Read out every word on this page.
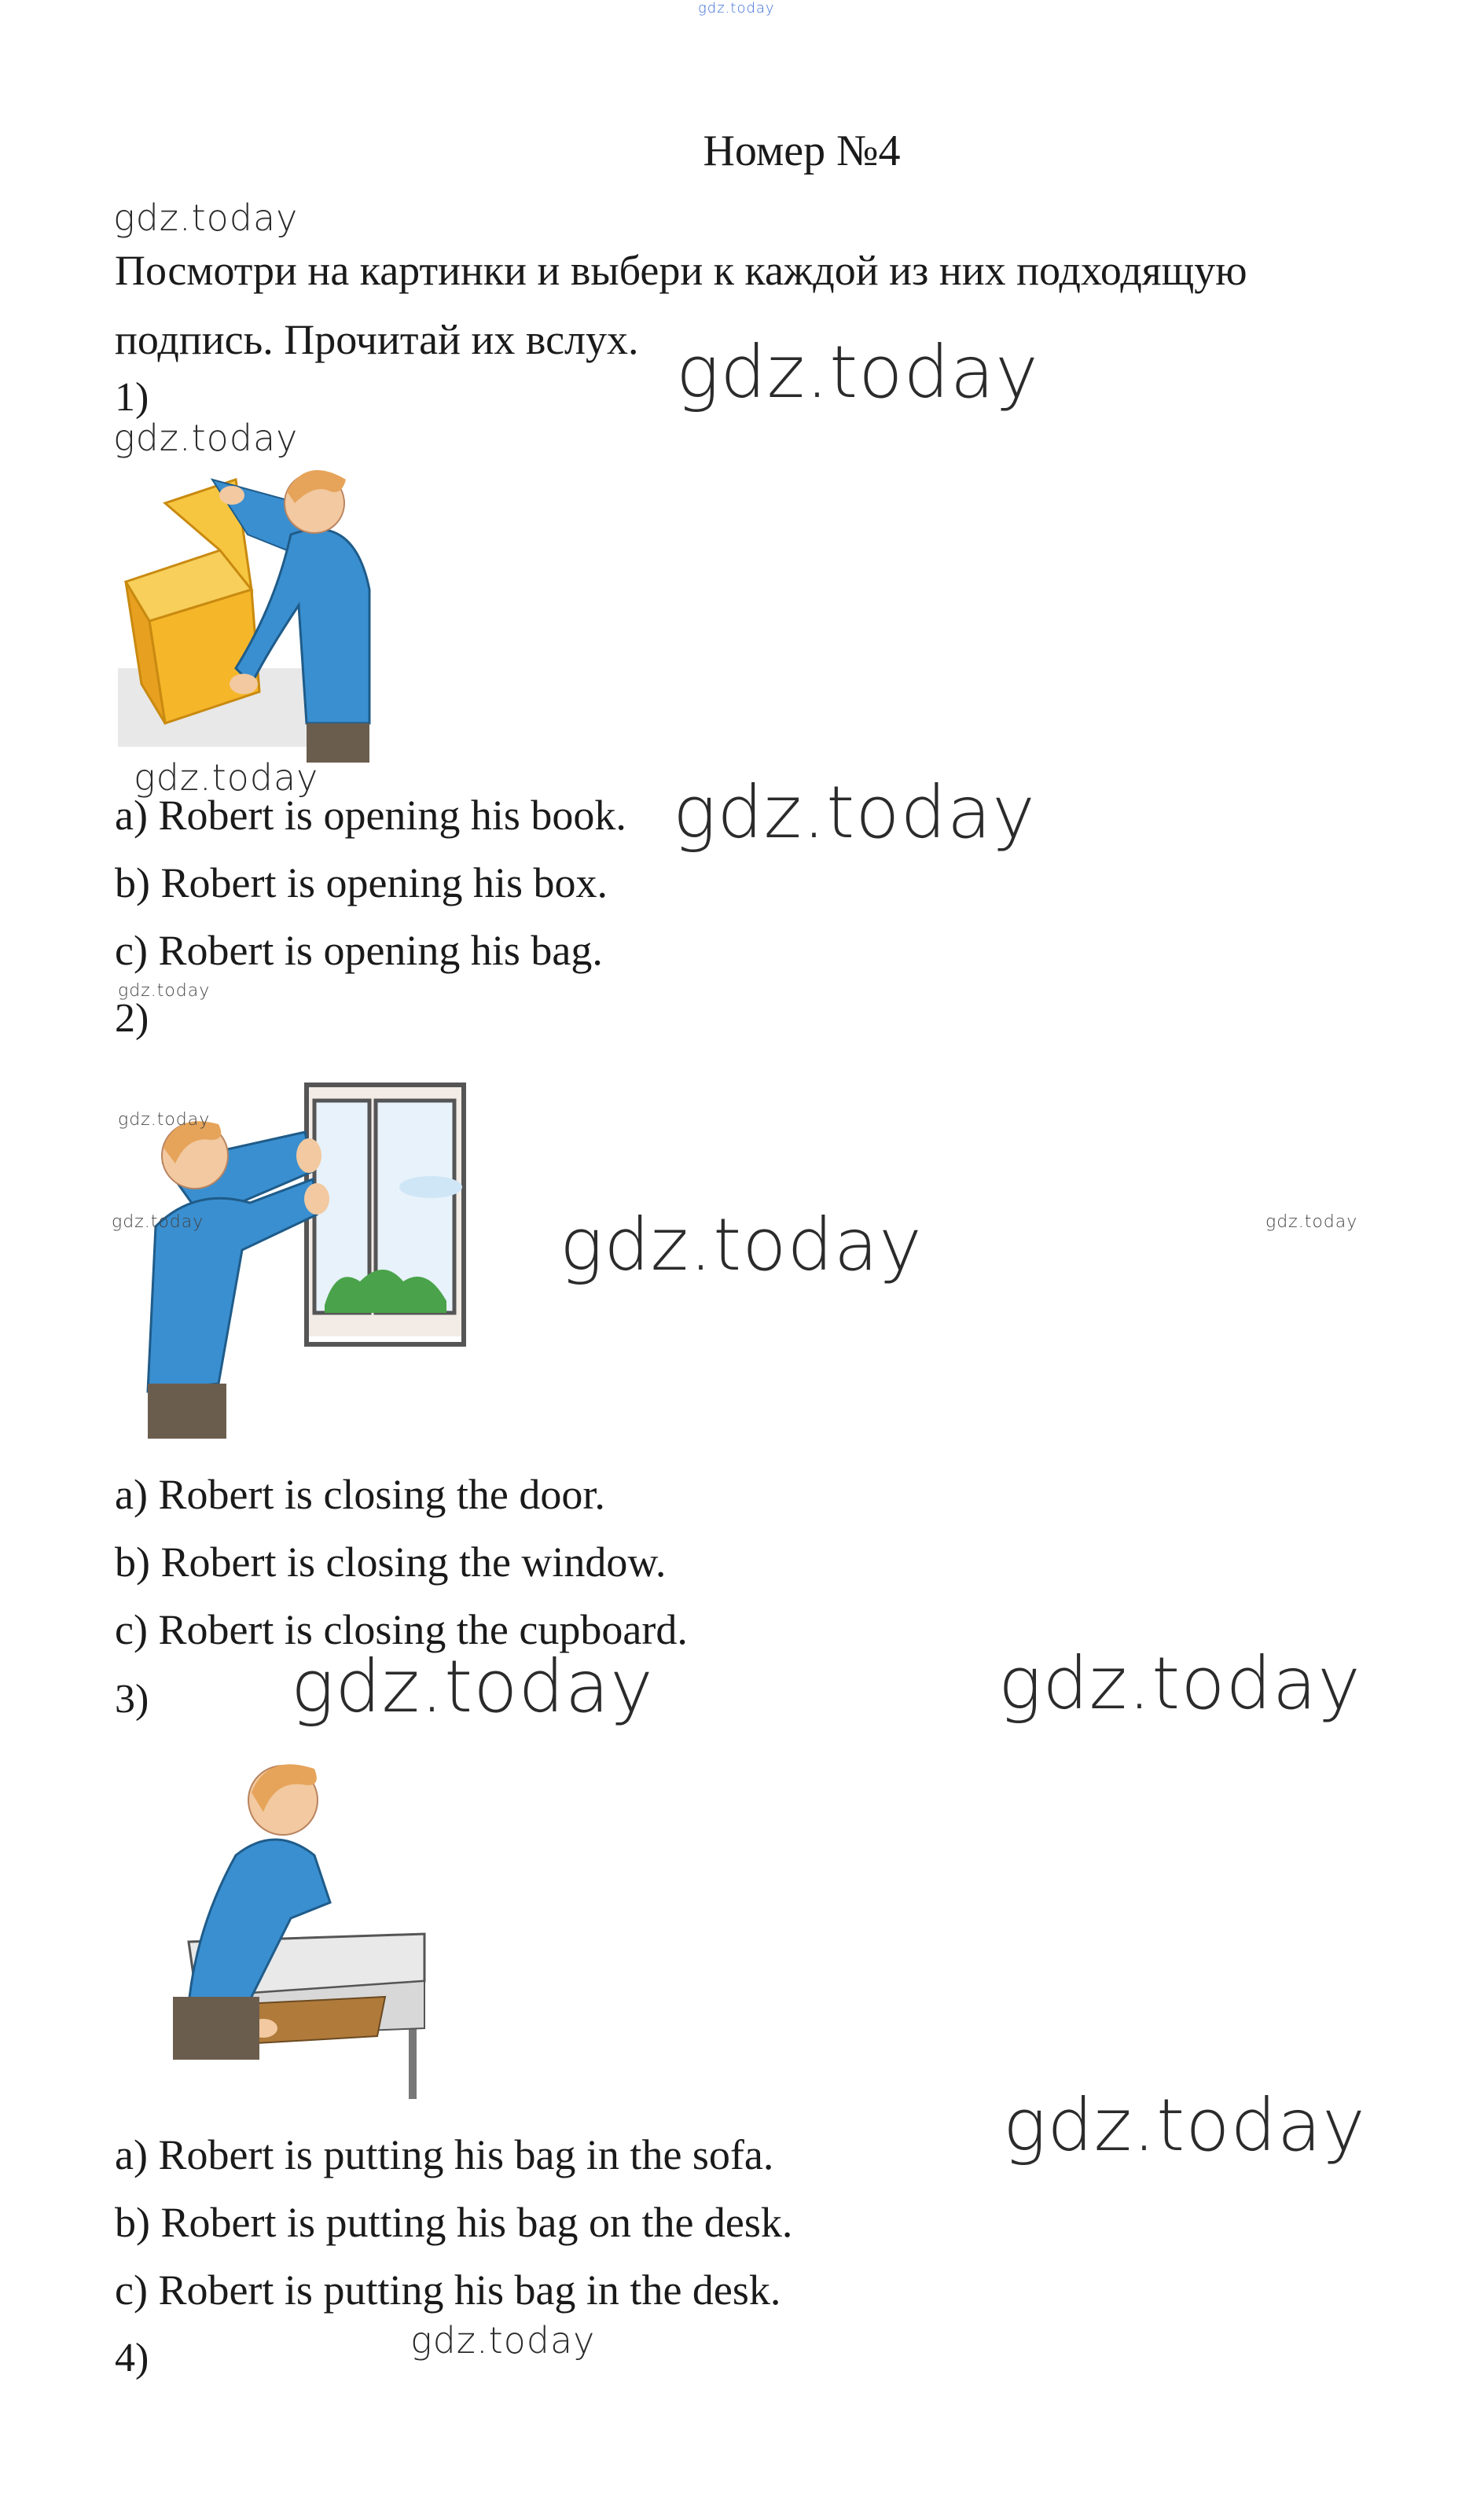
gdz.today
Номер №4
gdz.today
Посмотри на картинки и выбери к каждой из них подходящую подпись. Прочитай их вслух. gdz.today
1)
gdz.today
gdz.today
a) Robert is opening his book. gdz.today
b) Robert is opening his box.
c) Robert is opening his bag.
gdz.today
2)
gdz.today
gdz.today	gdz.today
gdz.today
a) Robert is closing the door.
b) Robert is closing the window.
c) Robert is closing the cupboard.
3) gdz.today	gdz.today
gdz.today
a) Robert is putting his bag in the sofa.
b) Robert is putting his bag on the desk.
c) Robert is putting his bag in the desk.
gdz.today
4)
